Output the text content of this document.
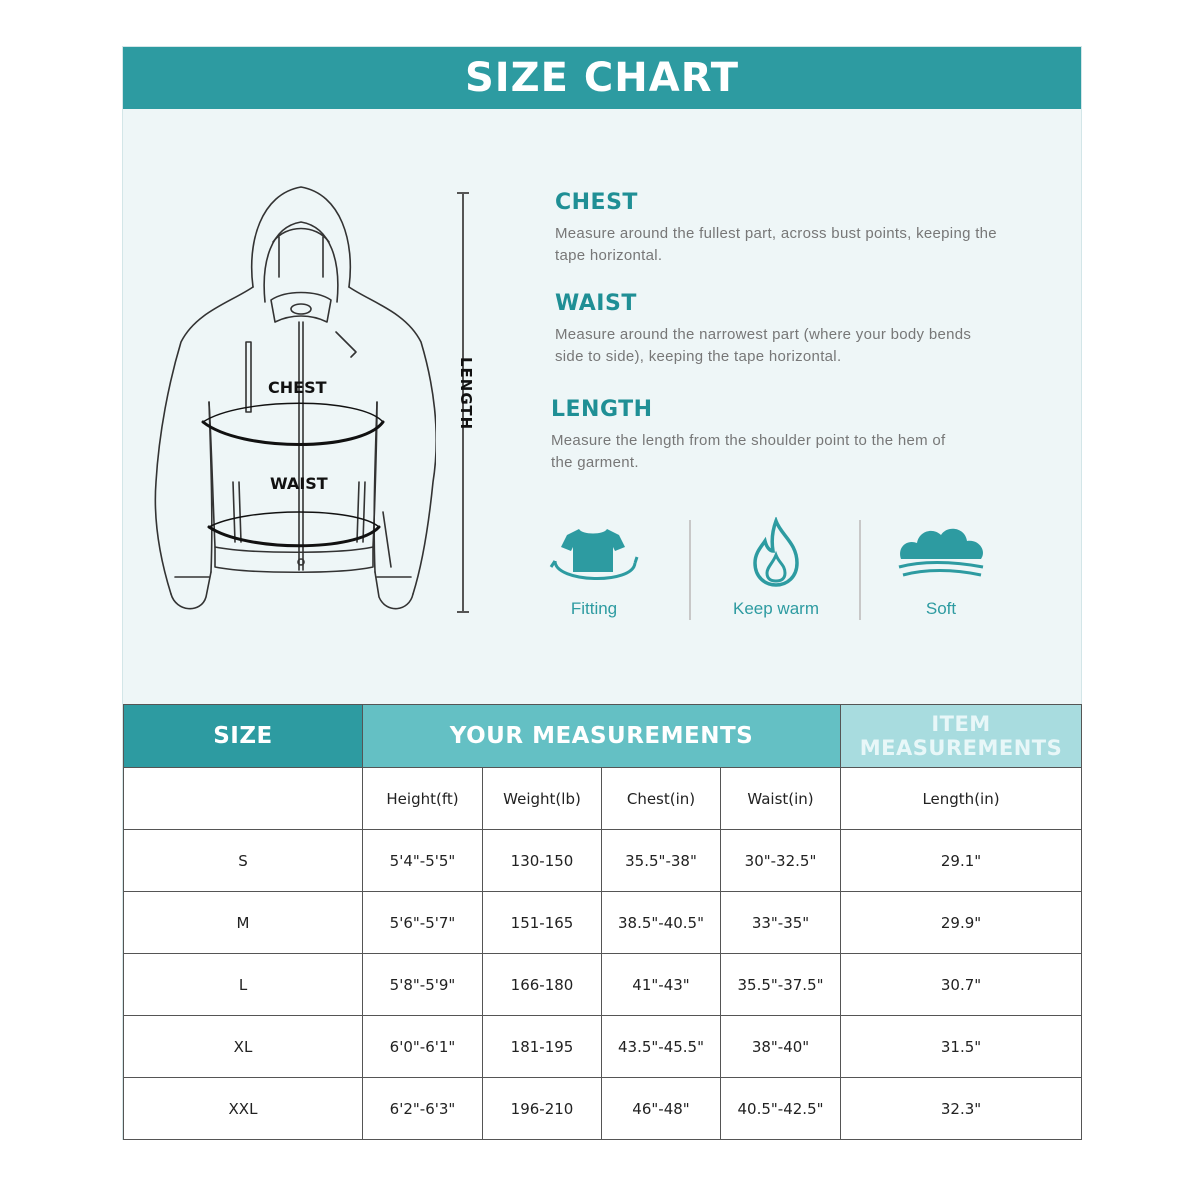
SIZE CHART
CHEST
WAIST
LENGTH
CHEST

Measure around the fullest part, across bust points, keeping the tape horizontal.

WAIST

Measure around the narrowest part (where your body bends side to side), keeping the tape horizontal.

LENGTH

Measure the length from the shoulder point to the hem of the garment.

Fitting	Keep warm	Soft
SIZE	YOUR MEASUREMENTS				ITEM MEASUREMENTS
	Height(ft)	Weight(lb)	Chest(in)	Waist(in)	Length(in)
S	5'4"-5'5"	130-150	35.5"-38"	30"-32.5"	29.1"
M	5'6"-5'7"	151-165	38.5"-40.5"	33"-35"	29.9"
L	5'8"-5'9"	166-180	41"-43"	35.5"-37.5"	30.7"
XL	6'0"-6'1"	181-195	43.5"-45.5"	38"-40"	31.5"
XXL	6'2"-6'3"	196-210	46"-48"	40.5"-42.5"	32.3"
